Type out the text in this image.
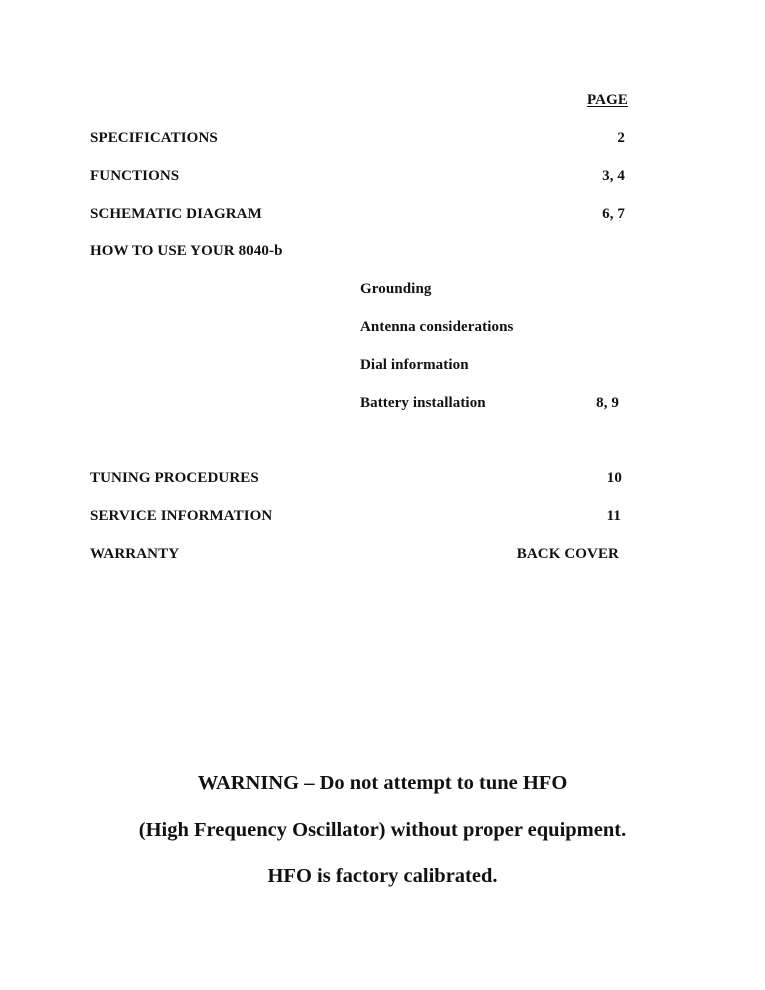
PAGE
SPECIFICATIONS	2
FUNCTIONS	3, 4
SCHEMATIC DIAGRAM	6, 7
HOW TO USE YOUR 8040-b
Grounding
Antenna considerations
Dial information
Battery installation	8, 9
TUNING PROCEDURES	10
SERVICE INFORMATION	11
WARRANTY	BACK COVER
WARNING – Do not attempt to tune HFO
(High Frequency Oscillator) without proper equipment.
HFO is factory calibrated.
